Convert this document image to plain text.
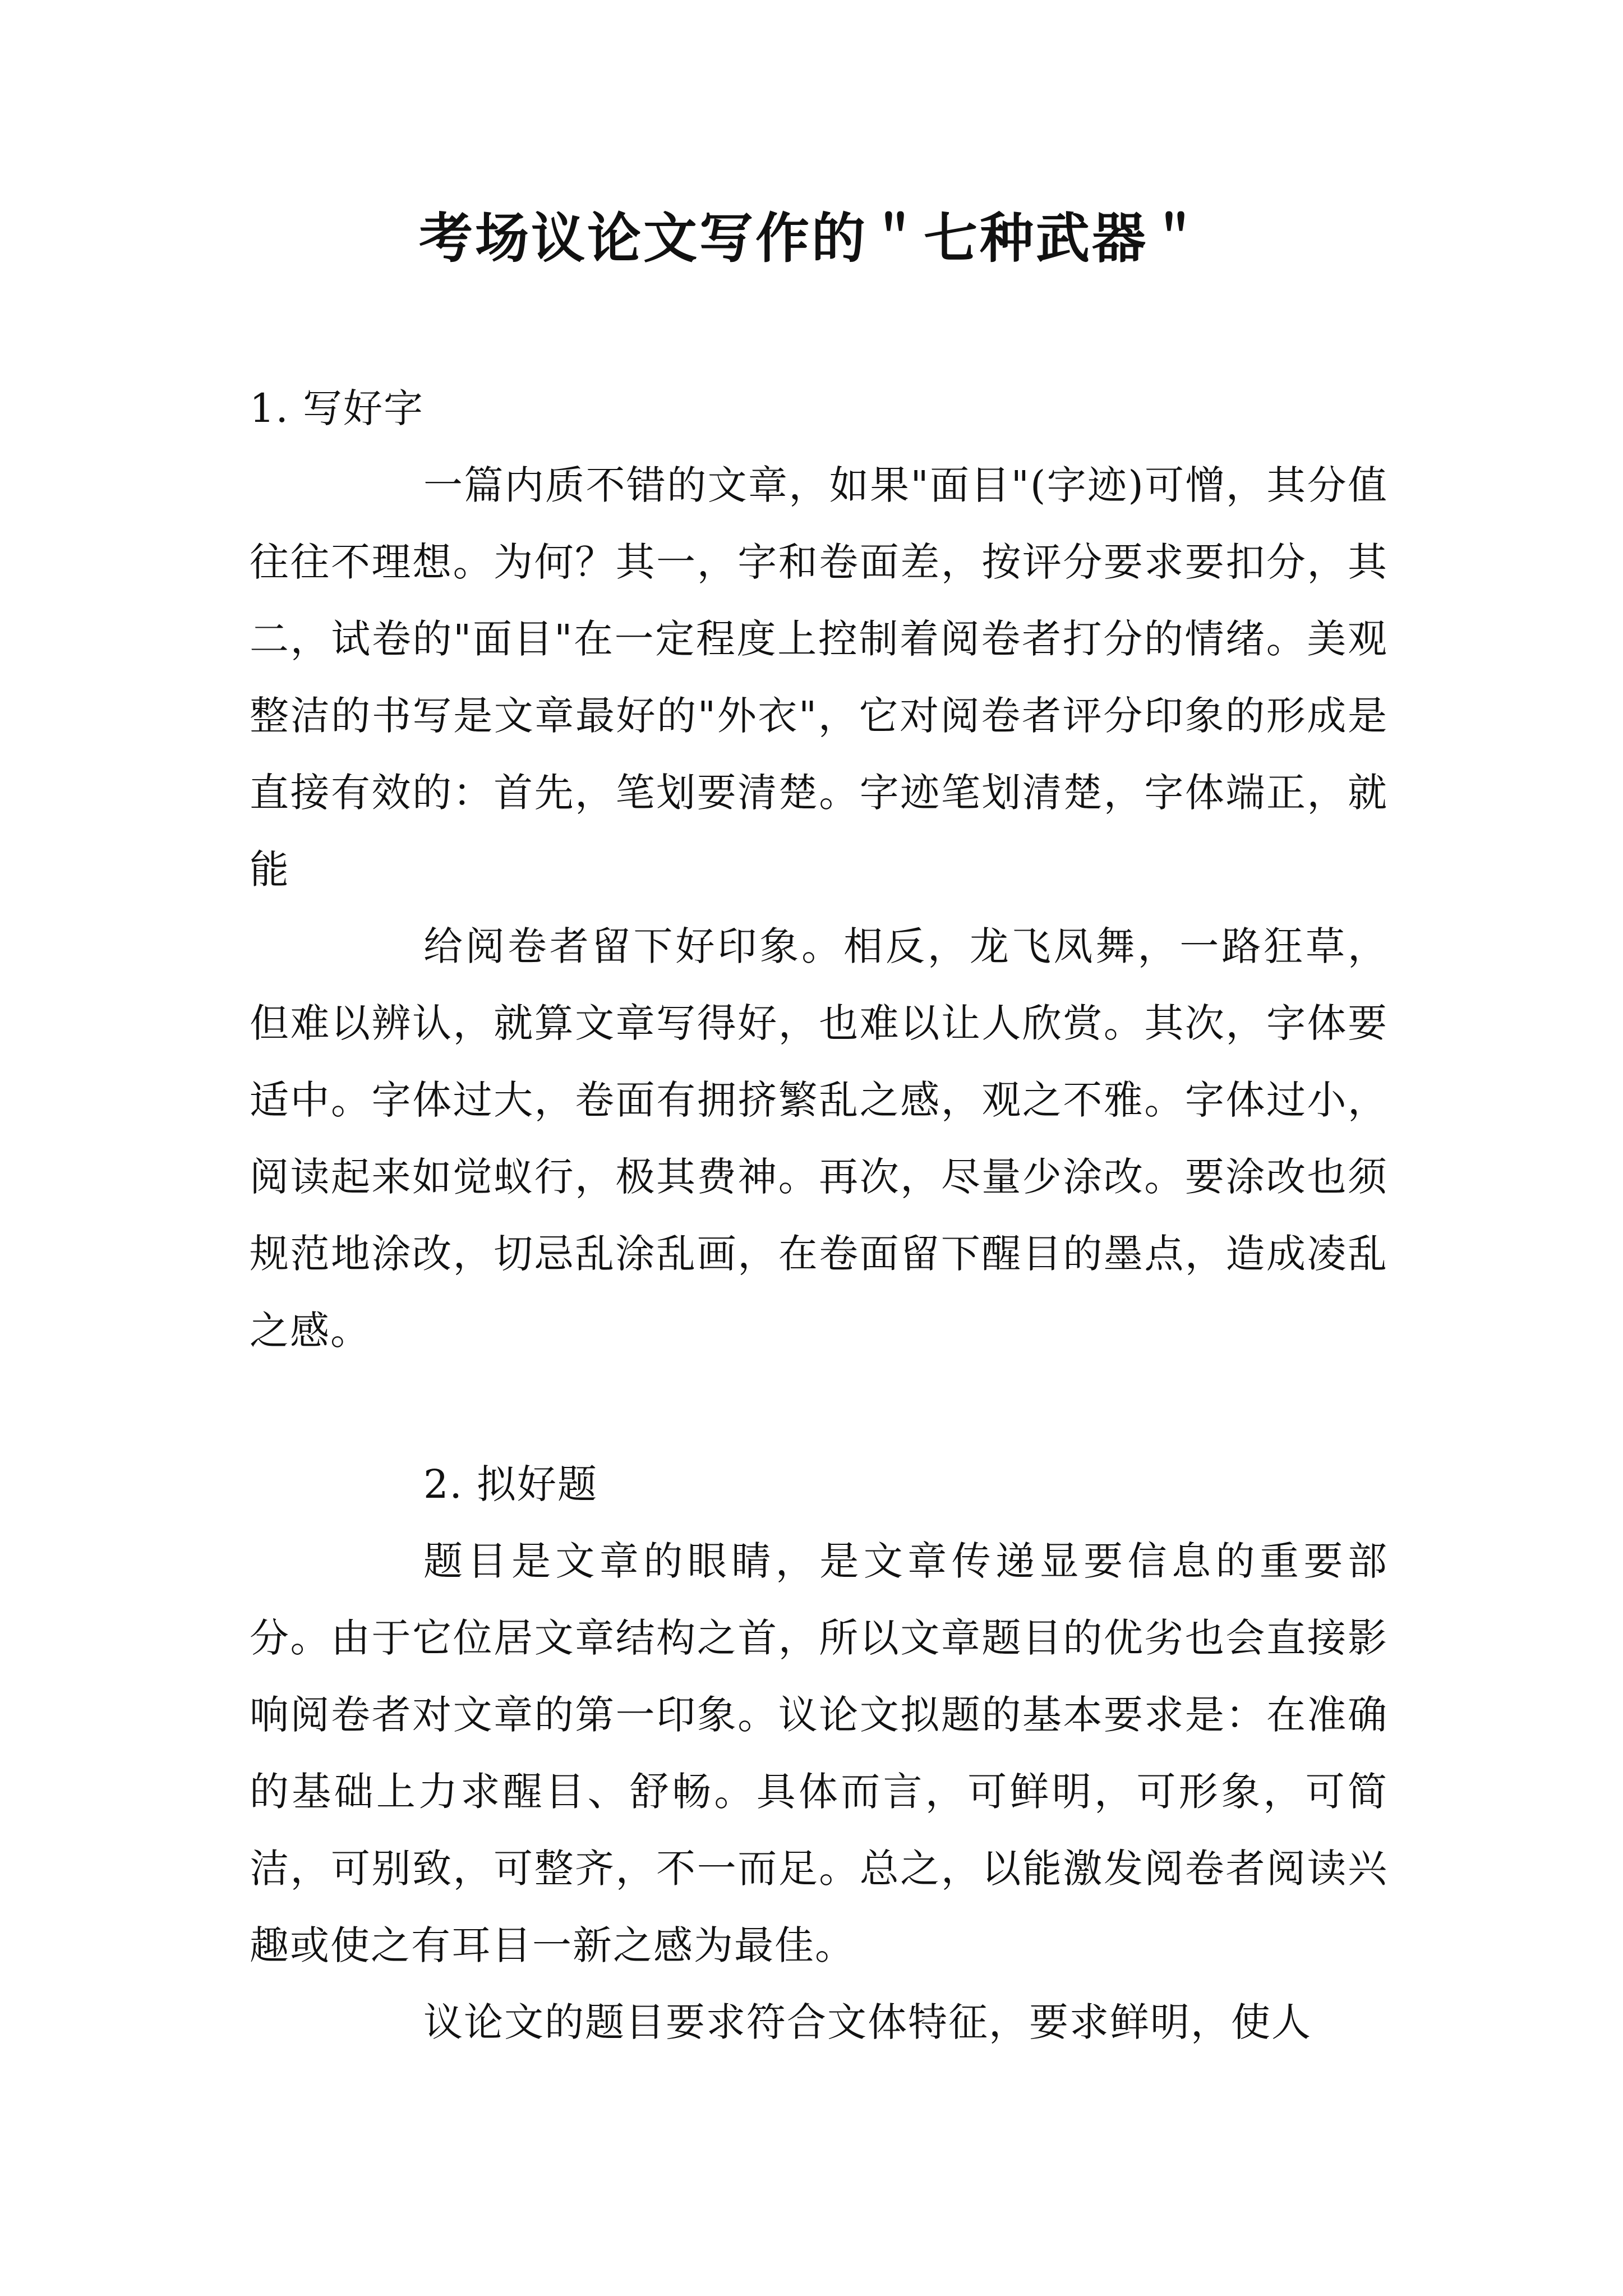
考场议论文写作的＂七种武器＂
1. 写好字

一篇内质不错的文章，如果"面目"(字迹)可憎，其分值往往不理想。为何？其一，字和卷面差，按评分要求要扣分，其二，试卷的"面目"在一定程度上控制着阅卷者打分的情绪。美观整洁的书写是文章最好的"外衣"，它对阅卷者评分印象的形成是直接有效的：首先，笔划要清楚。字迹笔划清楚，字体端正，就能

给阅卷者留下好印象。相反，龙飞凤舞，一路狂草，但难以辨认，就算文章写得好，也难以让人欣赏。其次，字体要适中。字体过大，卷面有拥挤繁乱之感，观之不雅。字体过小，阅读起来如觉蚁行，极其费神。再次，尽量少涂改。要涂改也须规范地涂改，切忌乱涂乱画，在卷面留下醒目的墨点，造成凌乱之感。

2. 拟好题

题目是文章的眼睛，是文章传递显要信息的重要部分。由于它位居文章结构之首，所以文章题目的优劣也会直接影响阅卷者对文章的第一印象。议论文拟题的基本要求是：在准确的基础上力求醒目、舒畅。具体而言，可鲜明，可形象，可简洁，可别致，可整齐，不一而足。总之，以能激发阅卷者阅读兴趣或使之有耳目一新之感为最佳。

议论文的题目要求符合文体特征，要求鲜明，使人
